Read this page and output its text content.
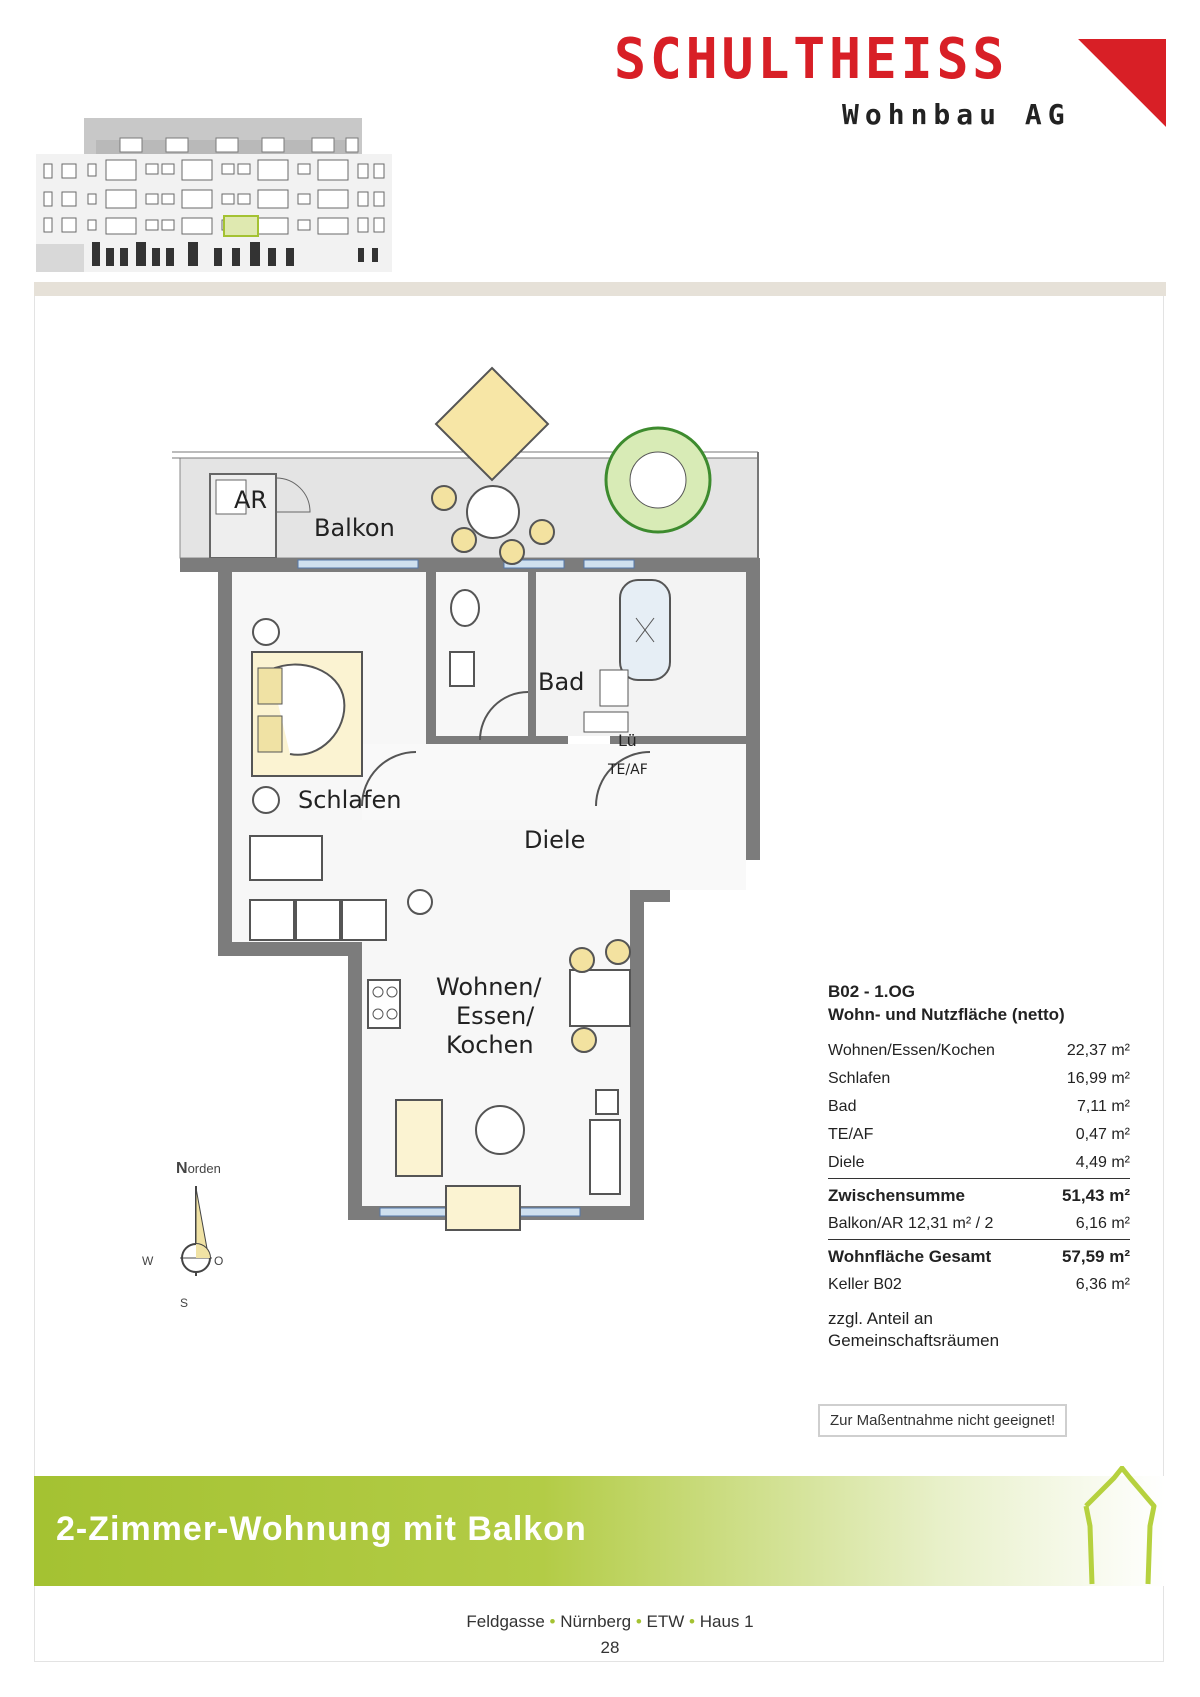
SCHULTHEISS
Wohnbau AG
AR
Balkon
Bad
Lü
TE/AF
Schlafen
Diele
Wohnen/
Essen/
Kochen
Norden
W	O
S
B02 - 1.OG
Wohn- und Nutzfläche (netto)
Wohnen/Essen/Kochen	22,37 m²
Schlafen	16,99 m²
Bad	7,11 m²
TE/AF	0,47 m²
Diele	4,49 m²
Zwischensumme	51,43 m²
Balkon/AR 12,31 m² / 2	6,16 m²
Wohnfläche Gesamt	57,59 m²
Keller B02	6,36 m²
zzgl. Anteil an
Gemeinschaftsräumen
Zur Maßentnahme nicht geeignet!
2-Zimmer-Wohnung mit Balkon
Feldgasse • Nürnberg • ETW • Haus 1
28
